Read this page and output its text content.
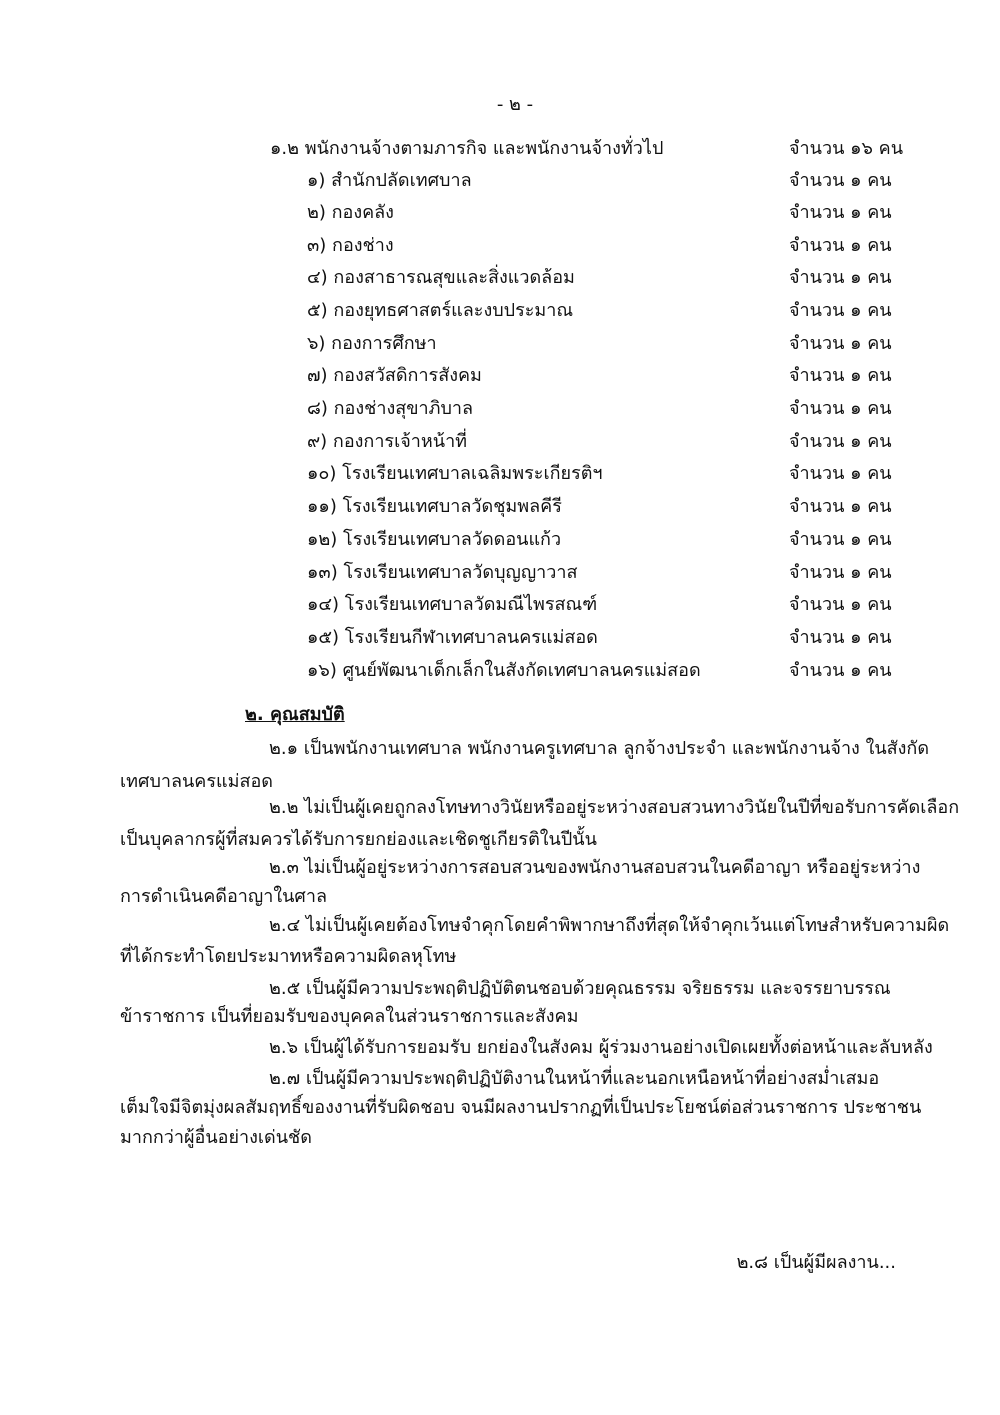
- ๒ -
๑.๒ พนักงานจ้างตามภารกิจ และพนักงานจ้างทั่วไป	จำนวน ๑๖ คน
๑) สำนักปลัดเทศบาล	จำนวน ๑ คน
๒) กองคลัง	จำนวน ๑ คน
๓) กองช่าง	จำนวน ๑ คน
๔) กองสาธารณสุขและสิ่งแวดล้อม	จำนวน ๑ คน
๕) กองยุทธศาสตร์และงบประมาณ	จำนวน ๑ คน
๖) กองการศึกษา	จำนวน ๑ คน
๗) กองสวัสดิการสังคม	จำนวน ๑ คน
๘) กองช่างสุขาภิบาล	จำนวน ๑ คน
๙) กองการเจ้าหน้าที่	จำนวน ๑ คน
๑๐) โรงเรียนเทศบาลเฉลิมพระเกียรติฯ	จำนวน ๑ คน
๑๑) โรงเรียนเทศบาลวัดชุมพลคีรี	จำนวน ๑ คน
๑๒) โรงเรียนเทศบาลวัดดอนแก้ว	จำนวน ๑ คน
๑๓) โรงเรียนเทศบาลวัดบุญญาวาส	จำนวน ๑ คน
๑๔) โรงเรียนเทศบาลวัดมณีไพรสณฑ์	จำนวน ๑ คน
๑๕) โรงเรียนกีฬาเทศบาลนครแม่สอด	จำนวน ๑ คน
๑๖) ศูนย์พัฒนาเด็กเล็กในสังกัดเทศบาลนครแม่สอด	จำนวน ๑ คน
๒. คุณสมบัติ
๒.๑ เป็นพนักงานเทศบาล พนักงานครูเทศบาล ลูกจ้างประจำ และพนักงานจ้าง ในสังกัด
เทศบาลนครแม่สอด
๒.๒ ไม่เป็นผู้เคยถูกลงโทษทางวินัยหรืออยู่ระหว่างสอบสวนทางวินัยในปีที่ขอรับการคัดเลือก
เป็นบุคลากรผู้ที่สมควรได้รับการยกย่องและเชิดชูเกียรติในปีนั้น
๒.๓ ไม่เป็นผู้อยู่ระหว่างการสอบสวนของพนักงานสอบสวนในคดีอาญา หรืออยู่ระหว่าง
การดำเนินคดีอาญาในศาล
๒.๔ ไม่เป็นผู้เคยต้องโทษจำคุกโดยคำพิพากษาถึงที่สุดให้จำคุกเว้นแต่โทษสำหรับความผิด
ที่ได้กระทำโดยประมาทหรือความผิดลหุโทษ
๒.๕ เป็นผู้มีความประพฤติปฏิบัติตนชอบด้วยคุณธรรม จริยธรรม และจรรยาบรรณ
ข้าราชการ เป็นที่ยอมรับของบุคคลในส่วนราชการและสังคม
๒.๖ เป็นผู้ได้รับการยอมรับ ยกย่องในสังคม ผู้ร่วมงานอย่างเปิดเผยทั้งต่อหน้าและลับหลัง
๒.๗ เป็นผู้มีความประพฤติปฏิบัติงานในหน้าที่และนอกเหนือหน้าที่อย่างสม่ำเสมอ
เต็มใจมีจิตมุ่งผลสัมฤทธิ์ของงานที่รับผิดชอบ จนมีผลงานปรากฏที่เป็นประโยชน์ต่อส่วนราชการ ประชาชน
มากกว่าผู้อื่นอย่างเด่นชัด
๒.๘ เป็นผู้มีผลงาน...
